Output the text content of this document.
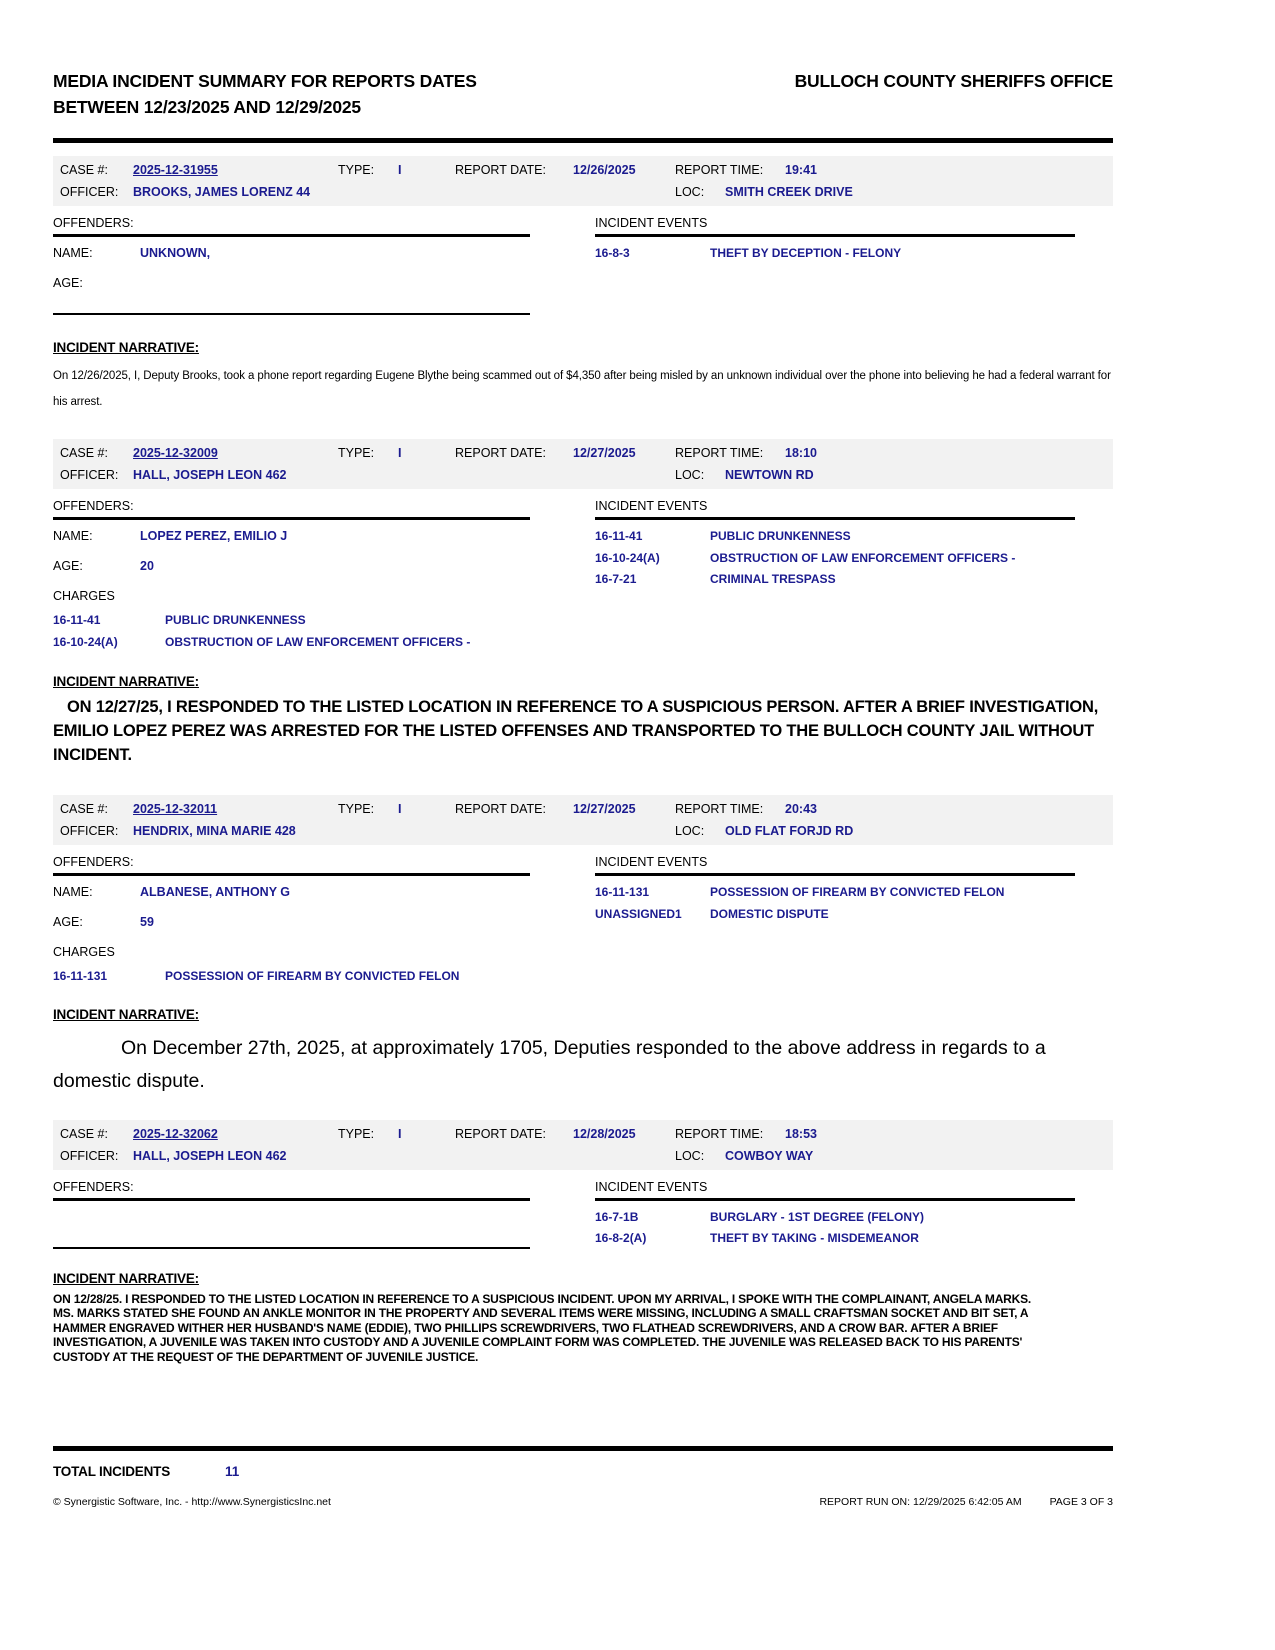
MEDIA INCIDENT SUMMARY FOR REPORTS DATES
BETWEEN 12/23/2025 AND 12/29/2025
BULLOCH COUNTY SHERIFFS OFFICE
CASE #: 2025-12-31955	TYPE: I	REPORT DATE: 12/26/2025	REPORT TIME: 19:41
OFFICER: BROOKS, JAMES LORENZ 44	LOC: SMITH CREEK DRIVE
OFFENDERS:
NAME:	UNKNOWN,
AGE:
INCIDENT EVENTS
16-8-3	THEFT BY DECEPTION - FELONY
INCIDENT NARRATIVE:

On 12/26/2025, I, Deputy Brooks, took a phone report regarding Eugene Blythe being scammed out of $4,350 after being misled by an unknown individual over the phone into believing he had a federal warrant for his arrest.

CASE #: 2025-12-32009	TYPE: I	REPORT DATE: 12/27/2025	REPORT TIME: 18:10
OFFICER: HALL, JOSEPH LEON 462	LOC: NEWTOWN RD
OFFENDERS:
NAME:	LOPEZ PEREZ, EMILIO J
AGE:	20
CHARGES
16-11-41	PUBLIC DRUNKENNESS
16-10-24(A)	OBSTRUCTION OF LAW ENFORCEMENT OFFICERS -
INCIDENT EVENTS
16-11-41	PUBLIC DRUNKENNESS
16-10-24(A)	OBSTRUCTION OF LAW ENFORCEMENT OFFICERS -
16-7-21	CRIMINAL TRESPASS
INCIDENT NARRATIVE:

ON 12/27/25, I RESPONDED TO THE LISTED LOCATION IN REFERENCE TO A SUSPICIOUS PERSON. AFTER A BRIEF INVESTIGATION, EMILIO LOPEZ PEREZ WAS ARRESTED FOR THE LISTED OFFENSES AND TRANSPORTED TO THE BULLOCH COUNTY JAIL WITHOUT INCIDENT.

CASE #: 2025-12-32011	TYPE: I	REPORT DATE: 12/27/2025	REPORT TIME: 20:43
OFFICER: HENDRIX, MINA MARIE 428	LOC: OLD FLAT FORJD RD
OFFENDERS:
NAME:	ALBANESE, ANTHONY G
AGE:	59
CHARGES
16-11-131	POSSESSION OF FIREARM BY CONVICTED FELON
INCIDENT EVENTS
16-11-131	POSSESSION OF FIREARM BY CONVICTED FELON
UNASSIGNED1 DOMESTIC DISPUTE
INCIDENT NARRATIVE:

On December 27th, 2025, at approximately 1705, Deputies responded to the above address in regards to a domestic dispute.

CASE #: 2025-12-32062	TYPE: I	REPORT DATE: 12/28/2025	REPORT TIME: 18:53
OFFICER: HALL, JOSEPH LEON 462	LOC: COWBOY WAY
OFFENDERS:	INCIDENT EVENTS
16-7-1B	BURGLARY - 1ST DEGREE (FELONY)
16-8-2(A)	THEFT BY TAKING - MISDEMEANOR
INCIDENT NARRATIVE:

ON 12/28/25. I RESPONDED TO THE LISTED LOCATION IN REFERENCE TO A SUSPICIOUS INCIDENT. UPON MY ARRIVAL, I SPOKE WITH THE COMPLAINANT, ANGELA MARKS. MS. MARKS STATED SHE FOUND AN ANKLE MONITOR IN THE PROPERTY AND SEVERAL ITEMS WERE MISSING, INCLUDING A SMALL CRAFTSMAN SOCKET AND BIT SET, A HAMMER ENGRAVED WITHER HER HUSBAND'S NAME (EDDIE), TWO PHILLIPS SCREWDRIVERS, TWO FLATHEAD SCREWDRIVERS, AND A CROW BAR. AFTER A BRIEF INVESTIGATION, A JUVENILE WAS TAKEN INTO CUSTODY AND A JUVENILE COMPLAINT FORM WAS COMPLETED. THE JUVENILE WAS RELEASED BACK TO HIS PARENTS' CUSTODY AT THE REQUEST OF THE DEPARTMENT OF JUVENILE JUSTICE.

TOTAL INCIDENTS	11
© Synergistic Software, Inc. - http://www.SynergisticsInc.net	REPORT RUN ON: 12/29/2025 6:42:05 AM	PAGE 3 OF 3
